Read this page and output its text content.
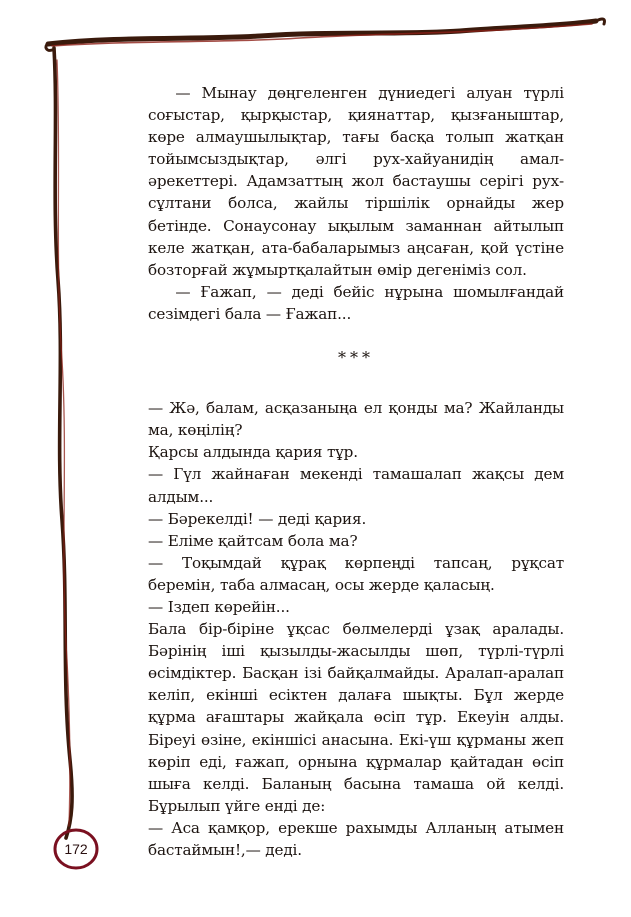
— Мынау дөңгеленген дүниедегі алуан түрлі соғыстар, қырқыстар, қиянаттар, қызғаныштар, көре алмаушылықтар, тағы басқа толып жатқан тойымсыздықтар, әлгі рух-хайуанидің амал-әрекеттері. Адамзаттың жол бастаушы серігі рух-сұлтани болса, жайлы тіршілік орнайды жер бетінде. Сонаусонау ықылым заманнан айтылып келе жатқан, ата-бабаларымыз аңсаған, қой үстіне бозторғай жұмыртқалайтын өмір дегеніміз сол.

— Ғажап, — деді бейіс нұрына шомылғандай сезімдегі бала — Ғажап...

***

— Жә, балам, асқазаныңа ел қонды ма? Жайланды ма, көңілің?

Қарсы алдында қария тұр.

— Гүл жайнаған мекенді тамашалап жақсы дем алдым...

— Бәрекелді! — деді қария.

— Еліме қайтсам бола ма?

— Тоқымдай құрақ көрпеңді тапсаң, рұқсат беремін, таба алмасаң, осы жерде қаласың.

— Іздеп көрейін...

Бала бір-біріне ұқсас бөлмелерді ұзақ аралады. Бәрінің іші қызылды-жасылды шөп, түрлі-түрлі өсімдіктер. Басқан ізі байқалмайды. Аралап-аралап келіп, екінші есіктен далаға шықты. Бұл жерде құрма ағаштары жайқала өсіп тұр. Екеуін алды. Біреуі өзіне, екіншісі анасына. Екі-үш құрманы жеп көріп еді, ғажап, орнына құрмалар қайтадан өсіп шыға келді. Баланың басына тамаша ой келді. Бұрылып үйге енді де:

— Аса қамқор, ерекше рахымды Алланың атымен бастаймын!,— деді.

172
